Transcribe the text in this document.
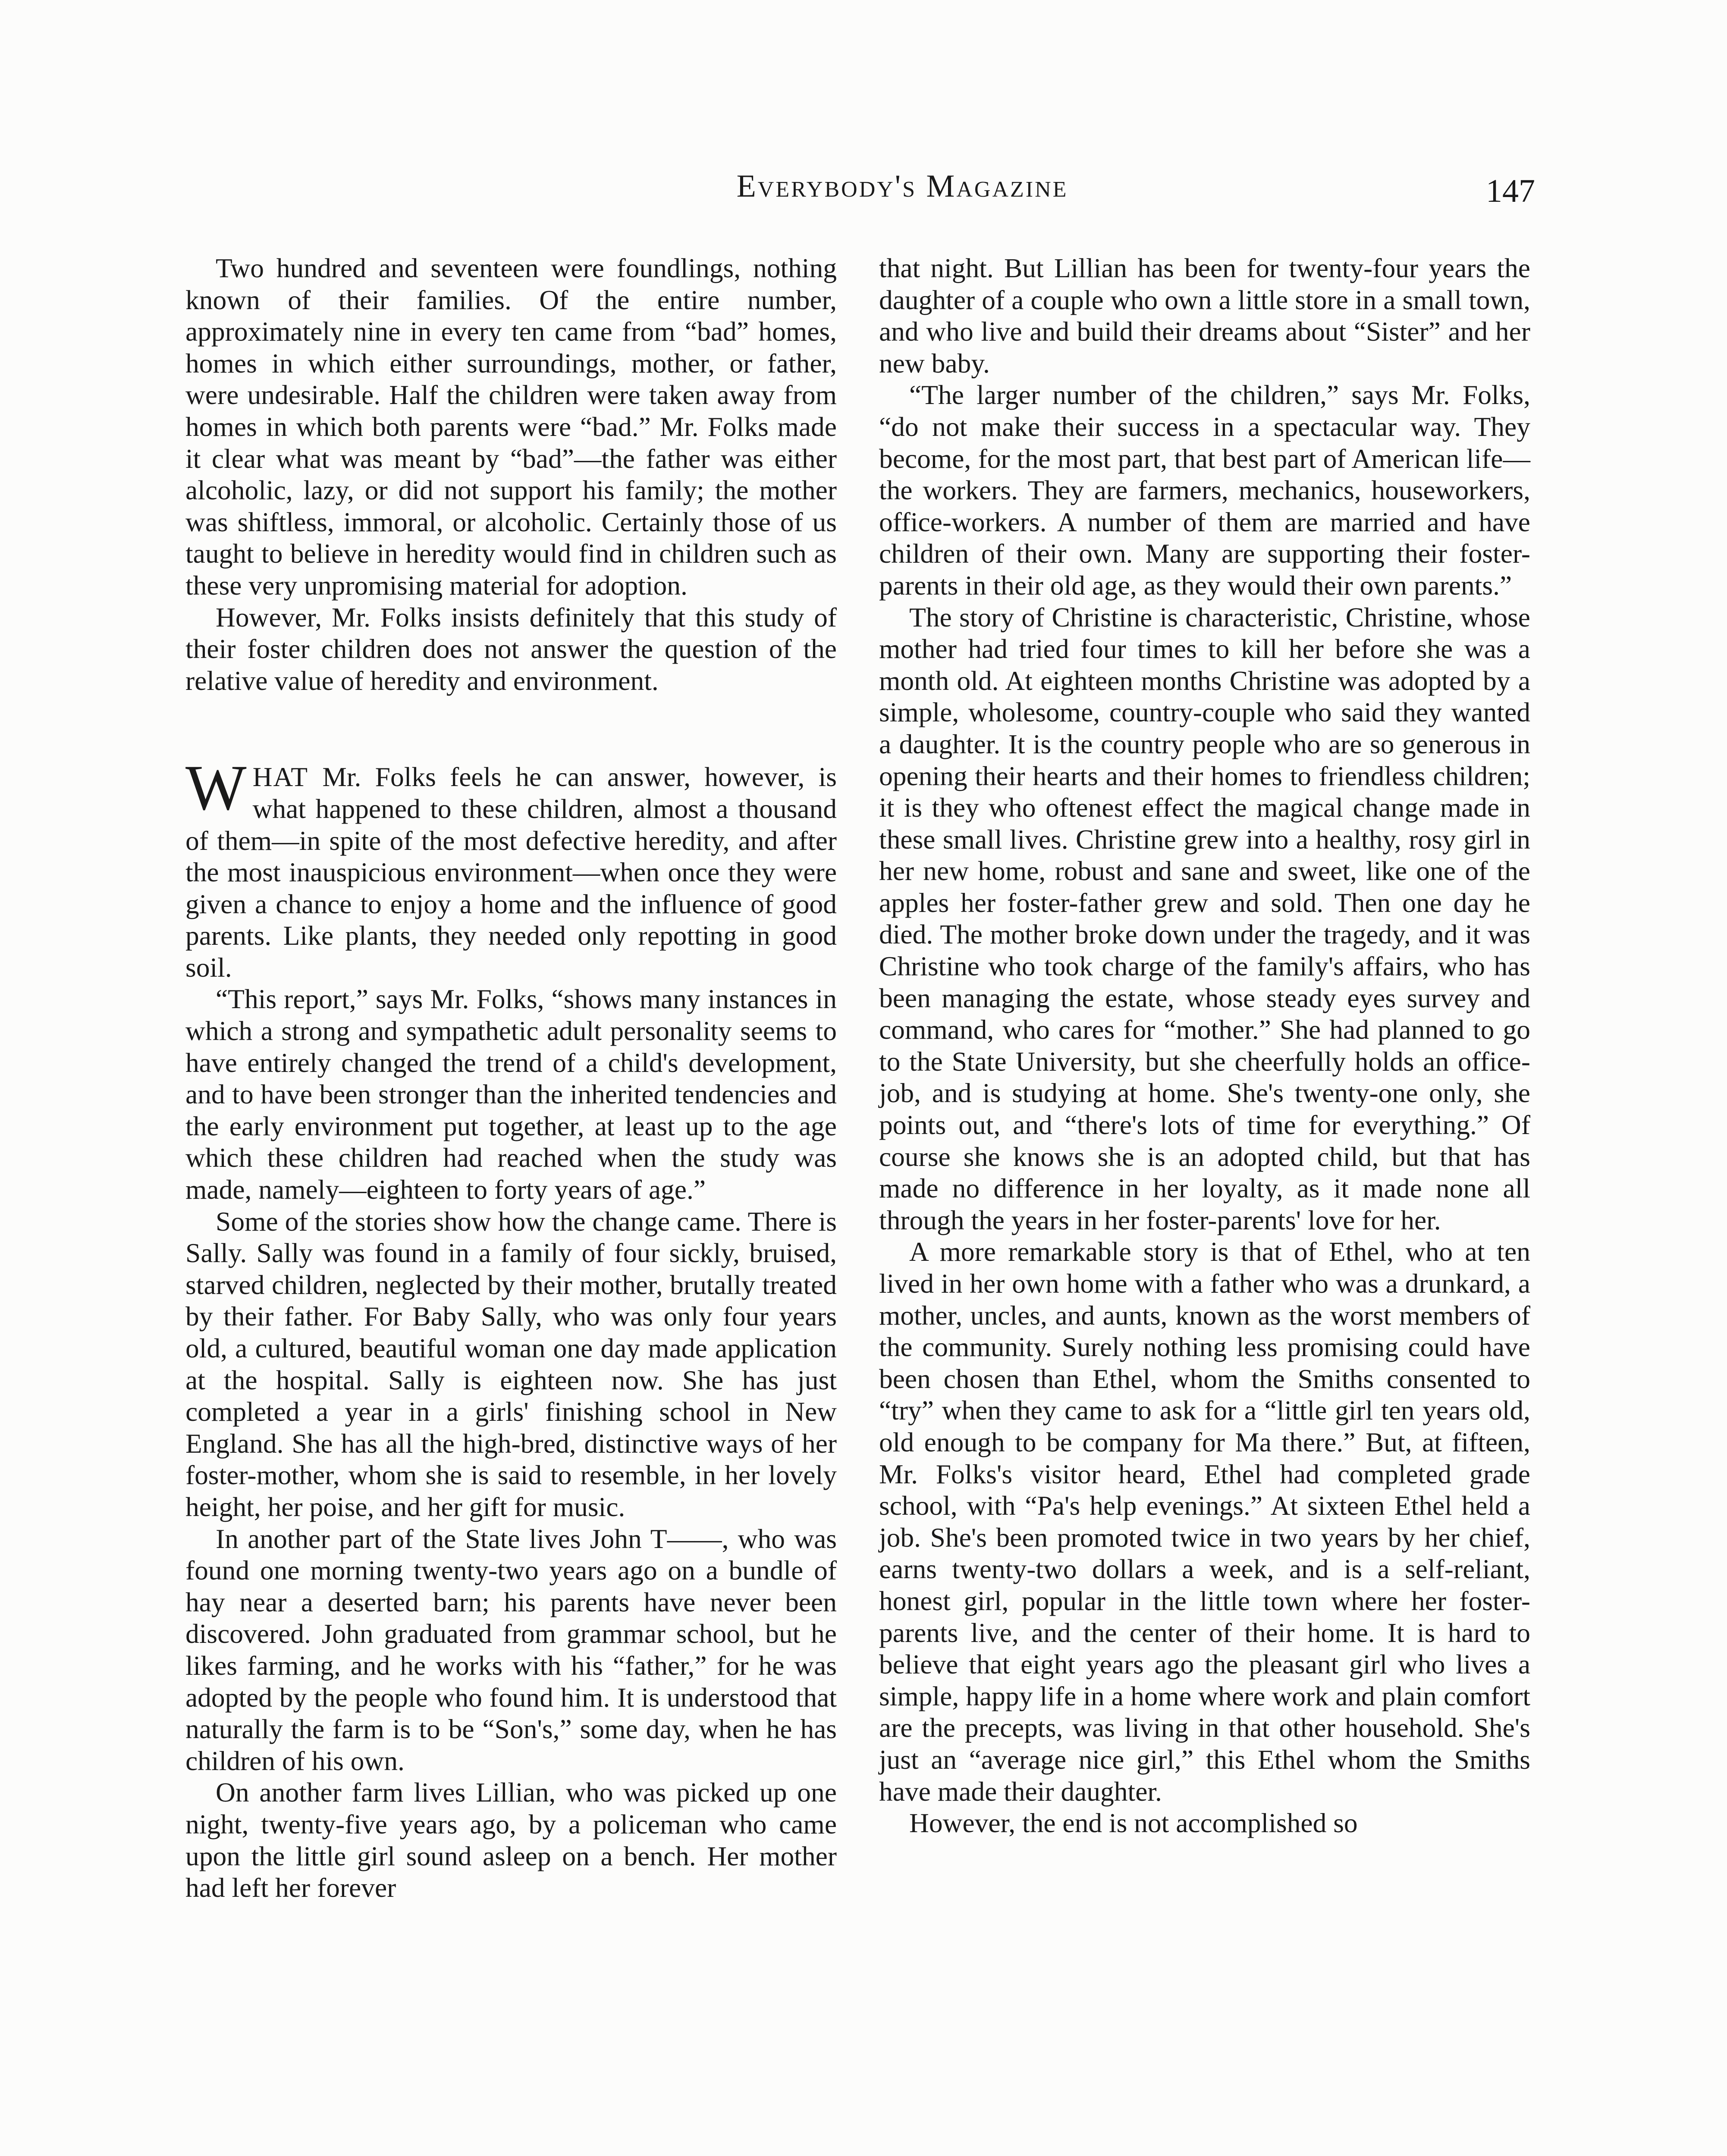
Everybody's Magazine	147

Two hundred and seventeen were foundlings, nothing known of their families. Of the entire number, approximately nine in every ten came from “bad” homes, homes in which either surroundings, mother, or father, were undesirable. Half the children were taken away from homes in which both parents were “bad.” Mr. Folks made it clear what was meant by “bad”—the father was either alcoholic, lazy, or did not support his family; the mother was shiftless, immoral, or alcoholic. Certainly those of us taught to believe in heredity would find in children such as these very unpromising material for adoption.

However, Mr. Folks insists definitely that this study of their foster children does not answer the question of the relative value of heredity and environment.

WHAT Mr. Folks feels he can answer, however, is what happened to these children, almost a thousand of them—in spite of the most defective heredity, and after the most inauspicious environment—when once they were given a chance to enjoy a home and the influence of good parents. Like plants, they needed only repotting in good soil.

“This report,” says Mr. Folks, “shows many instances in which a strong and sympathetic adult personality seems to have entirely changed the trend of a child's development, and to have been stronger than the inherited tendencies and the early environment put together, at least up to the age which these children had reached when the study was made, namely—eighteen to forty years of age.”

Some of the stories show how the change came. There is Sally. Sally was found in a family of four sickly, bruised, starved children, neglected by their mother, brutally treated by their father. For Baby Sally, who was only four years old, a cultured, beautiful woman one day made application at the hospital. Sally is eighteen now. She has just completed a year in a girls' finishing school in New England. She has all the high-bred, distinctive ways of her foster-mother, whom she is said to resemble, in her lovely height, her poise, and her gift for music.

In another part of the State lives John T——, who was found one morning twenty-two years ago on a bundle of hay near a deserted barn; his parents have never been discovered. John graduated from grammar school, but he likes farming, and he works with his “father,” for he was adopted by the people who found him. It is understood that naturally the farm is to be “Son's,” some day, when he has children of his own.

On another farm lives Lillian, who was picked up one night, twenty-five years ago, by a policeman who came upon the little girl sound asleep on a bench. Her mother had left her forever

that night. But Lillian has been for twenty-four years the daughter of a couple who own a little store in a small town, and who live and build their dreams about “Sister” and her new baby.

“The larger number of the children,” says Mr. Folks, “do not make their success in a spectacular way. They become, for the most part, that best part of American life—the workers. They are farmers, mechanics, houseworkers, office-workers. A number of them are married and have children of their own. Many are supporting their foster-parents in their old age, as they would their own parents.”

The story of Christine is characteristic, Christine, whose mother had tried four times to kill her before she was a month old. At eighteen months Christine was adopted by a simple, wholesome, country-couple who said they wanted a daughter. It is the country people who are so generous in opening their hearts and their homes to friendless children; it is they who oftenest effect the magical change made in these small lives. Christine grew into a healthy, rosy girl in her new home, robust and sane and sweet, like one of the apples her foster-father grew and sold. Then one day he died. The mother broke down under the tragedy, and it was Christine who took charge of the family's affairs, who has been managing the estate, whose steady eyes survey and command, who cares for “mother.” She had planned to go to the State University, but she cheerfully holds an office-job, and is studying at home. She's twenty-one only, she points out, and “there's lots of time for everything.” Of course she knows she is an adopted child, but that has made no difference in her loyalty, as it made none all through the years in her foster-parents' love for her.

A more remarkable story is that of Ethel, who at ten lived in her own home with a father who was a drunkard, a mother, uncles, and aunts, known as the worst members of the community. Surely nothing less promising could have been chosen than Ethel, whom the Smiths consented to “try” when they came to ask for a “little girl ten years old, old enough to be company for Ma there.” But, at fifteen, Mr. Folks's visitor heard, Ethel had completed grade school, with “Pa's help evenings.” At sixteen Ethel held a job. She's been promoted twice in two years by her chief, earns twenty-two dollars a week, and is a self-reliant, honest girl, popular in the little town where her foster-parents live, and the center of their home. It is hard to believe that eight years ago the pleasant girl who lives a simple, happy life in a home where work and plain comfort are the precepts, was living in that other household. She's just an “average nice girl,” this Ethel whom the Smiths have made their daughter.

However, the end is not accomplished so
